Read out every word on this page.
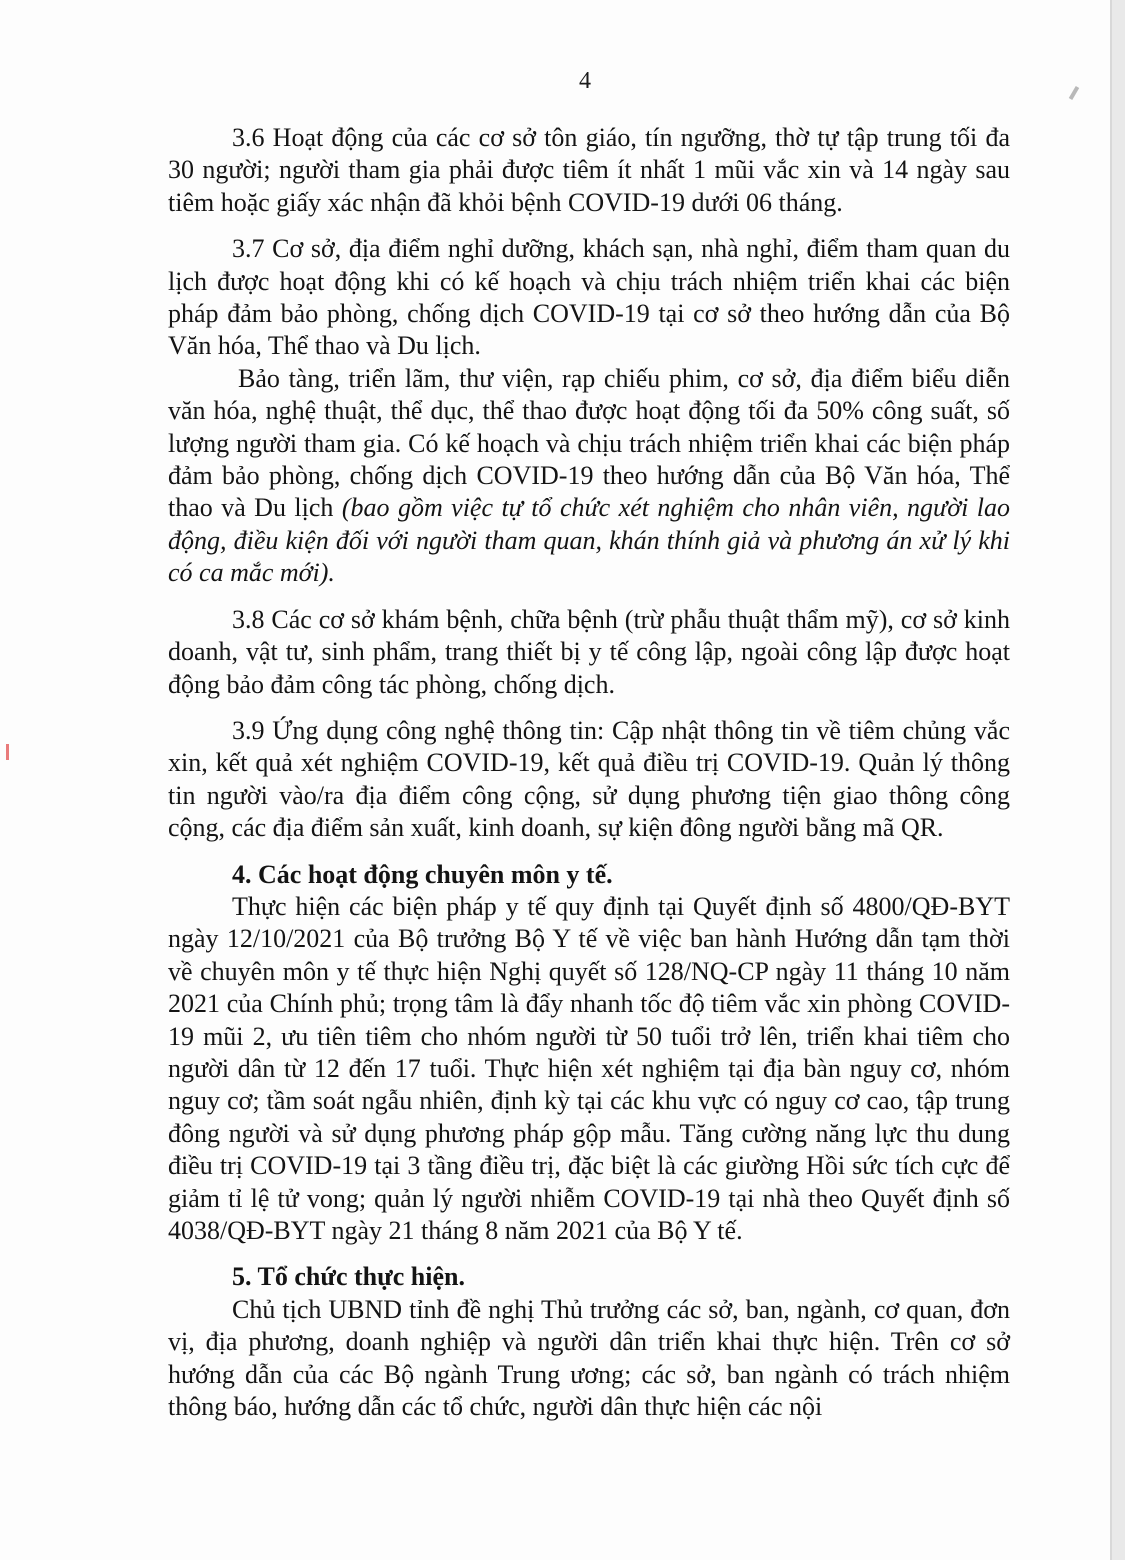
4

3.6 Hoạt động của các cơ sở tôn giáo, tín ngưỡng, thờ tự tập trung tối đa 30 người; người tham gia phải được tiêm ít nhất 1 mũi vắc xin và 14 ngày sau tiêm hoặc giấy xác nhận đã khỏi bệnh COVID-19 dưới 06 tháng.

3.7 Cơ sở, địa điểm nghỉ dưỡng, khách sạn, nhà nghỉ, điểm tham quan du lịch được hoạt động khi có kế hoạch và chịu trách nhiệm triển khai các biện pháp đảm bảo phòng, chống dịch COVID-19 tại cơ sở theo hướng dẫn của Bộ Văn hóa, Thể thao và Du lịch.

Bảo tàng, triển lãm, thư viện, rạp chiếu phim, cơ sở, địa điểm biểu diễn văn hóa, nghệ thuật, thể dục, thể thao được hoạt động tối đa 50% công suất, số lượng người tham gia. Có kế hoạch và chịu trách nhiệm triển khai các biện pháp đảm bảo phòng, chống dịch COVID-19 theo hướng dẫn của Bộ Văn hóa, Thể thao và Du lịch (bao gồm việc tự tổ chức xét nghiệm cho nhân viên, người lao động, điều kiện đối với người tham quan, khán thính giả và phương án xử lý khi có ca mắc mới).

3.8 Các cơ sở khám bệnh, chữa bệnh (trừ phẫu thuật thẩm mỹ), cơ sở kinh doanh, vật tư, sinh phẩm, trang thiết bị y tế công lập, ngoài công lập được hoạt động bảo đảm công tác phòng, chống dịch.

3.9 Ứng dụng công nghệ thông tin: Cập nhật thông tin về tiêm chủng vắc xin, kết quả xét nghiệm COVID-19, kết quả điều trị COVID-19. Quản lý thông tin người vào/ra địa điểm công cộng, sử dụng phương tiện giao thông công cộng, các địa điểm sản xuất, kinh doanh, sự kiện đông người bằng mã QR.

4. Các hoạt động chuyên môn y tế.

Thực hiện các biện pháp y tế quy định tại Quyết định số 4800/QĐ-BYT ngày 12/10/2021 của Bộ trưởng Bộ Y tế về việc ban hành Hướng dẫn tạm thời về chuyên môn y tế thực hiện Nghị quyết số 128/NQ-CP ngày 11 tháng 10 năm 2021 của Chính phủ; trọng tâm là đẩy nhanh tốc độ tiêm vắc xin phòng COVID-19 mũi 2, ưu tiên tiêm cho nhóm người từ 50 tuổi trở lên, triển khai tiêm cho người dân từ 12 đến 17 tuổi. Thực hiện xét nghiệm tại địa bàn nguy cơ, nhóm nguy cơ; tầm soát ngẫu nhiên, định kỳ tại các khu vực có nguy cơ cao, tập trung đông người và sử dụng phương pháp gộp mẫu. Tăng cường năng lực thu dung điều trị COVID-19 tại 3 tầng điều trị, đặc biệt là các giường Hồi sức tích cực để giảm tỉ lệ tử vong; quản lý người nhiễm COVID-19 tại nhà theo Quyết định số 4038/QĐ-BYT ngày 21 tháng 8 năm 2021 của Bộ Y tế.

5. Tổ chức thực hiện.

Chủ tịch UBND tỉnh đề nghị Thủ trưởng các sở, ban, ngành, cơ quan, đơn vị, địa phương, doanh nghiệp và người dân triển khai thực hiện. Trên cơ sở hướng dẫn của các Bộ ngành Trung ương; các sở, ban ngành có trách nhiệm thông báo, hướng dẫn các tổ chức, người dân thực hiện các nội
